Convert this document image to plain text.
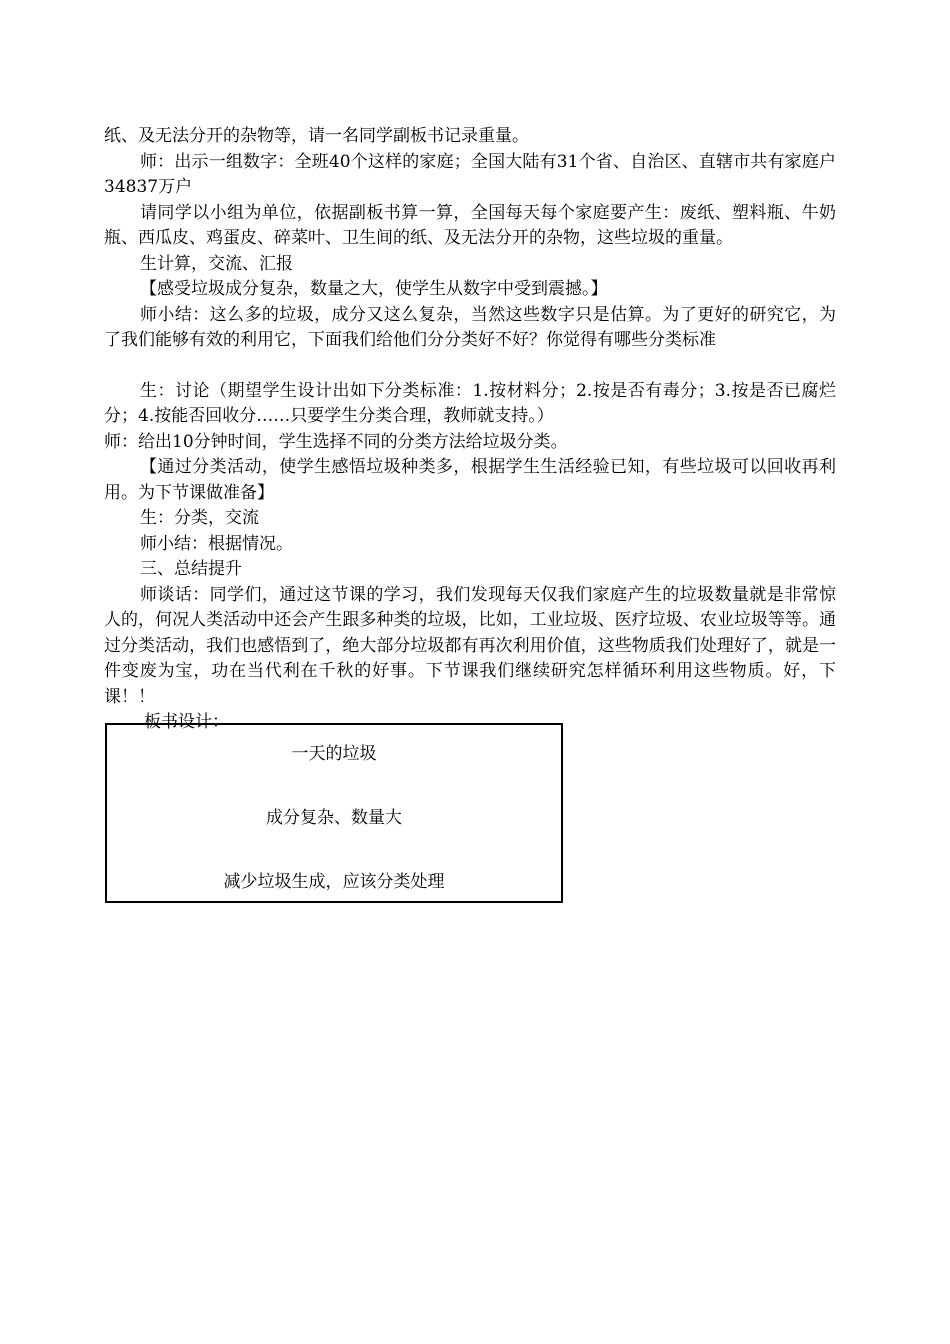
纸、及无法分开的杂物等，请一名同学副板书记录重量。

师：出示一组数字：全班40个这样的家庭；全国大陆有31个省、自治区、直辖市共有家庭户34837万户

请同学以小组为单位，依据副板书算一算，全国每天每个家庭要产生：废纸、塑料瓶、牛奶瓶、西瓜皮、鸡蛋皮、碎菜叶、卫生间的纸、及无法分开的杂物，这些垃圾的重量。

生计算，交流、汇报

【感受垃圾成分复杂，数量之大，使学生从数字中受到震撼。】

师小结：这么多的垃圾，成分又这么复杂，当然这些数字只是估算。为了更好的研究它，为了我们能够有效的利用它，下面我们给他们分分类好不好？你觉得有哪些分类标准

生：讨论（期望学生设计出如下分类标准：1.按材料分；2.按是否有毒分；3.按是否已腐烂分；4.按能否回收分……只要学生分类合理，教师就支持。）

师：给出10分钟时间，学生选择不同的分类方法给垃圾分类。

【通过分类活动，使学生感悟垃圾种类多，根据学生生活经验已知，有些垃圾可以回收再利用。为下节课做准备】

生：分类，交流

师小结：根据情况。

三、总结提升

师谈话：同学们，通过这节课的学习，我们发现每天仅我们家庭产生的垃圾数量就是非常惊人的，何况人类活动中还会产生跟多种类的垃圾，比如，工业垃圾、医疗垃圾、农业垃圾等等。通过分类活动，我们也感悟到了，绝大部分垃圾都有再次利用价值，这些物质我们处理好了，就是一件变废为宝，功在当代利在千秋的好事。下节课我们继续研究怎样循环利用这些物质。好，下课！！

板书设计：

一天的垃圾
成分复杂、数量大
减少垃圾生成，应该分类处理
